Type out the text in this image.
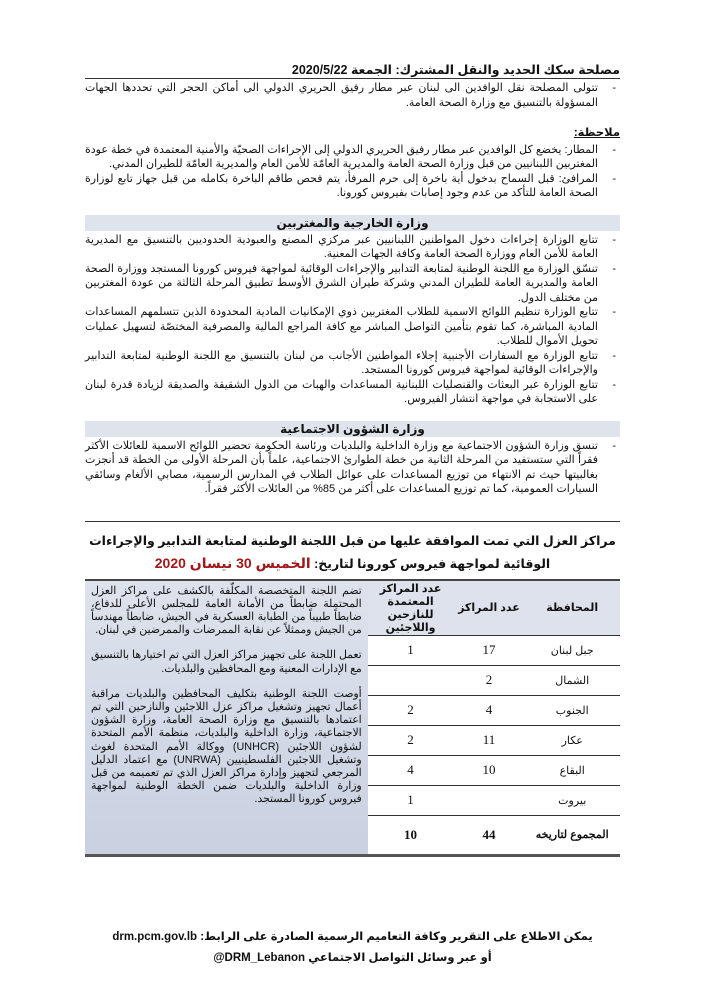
مصلحة سكك الحديد والنقل المشترك: الجمعة 2020/5/22

- تتولى المصلحة نقل الوافدين الى لبنان عبر مطار رفيق الحريري الدولي الى أماكن الحجر التي تحددها الجهات المسؤولة بالتنسيق مع وزارة الصحة العامة.

ملاحظة:

- المطار: يخضع كل الوافدين عبر مطار رفيق الحريري الدولي إلى الإجراءات الصحيّة والأمنية المعتمدة في خطة عودة المغتربين اللبنانيين من قبل وزارة الصحة العامة والمديرية العامّة للأمن العام والمديرية العامّة للطيران المدني.

- المرافئ: قبل السماح بدخول أية باخرة إلى حرم المرفأ، يتم فحص طاقم الباخرة بكامله من قبل جهاز تابع لوزارة الصحة العامة للتأكد من عدم وجود إصابات بفيروس كورونا.

وزارة الخارجية والمغتربين

- تتابع الوزارة إجراءات دخول المواطنين اللبنانيين عبر مركزي المصنع والعبودية الحدوديين بالتنسيق مع المديرية العامة للأمن العام ووزارة الصحة العامة وكافة الجهات المعنية.

- تنسّق الوزارة مع اللجنة الوطنية لمتابعة التدابير والإجراءات الوقائية لمواجهة فيروس كورونا المستجد ووزارة الصحة العامة والمديرية العامة للطيران المدني وشركة طيران الشرق الأوسط تطبيق المرحلة الثالثة من عودة المغتربين من مختلف الدول.

- تتابع الوزارة تنظيم اللوائح الاسمية للطلاب المغتربين ذوي الإمكانيات المادية المحدودة الذين تتسلمهم المساعدات المادية المباشرة، كما تقوم بتأمين التواصل المباشر مع كافة المراجع المالية والمصرفية المختصّة لتسهيل عمليات تحويل الأموال للطلاب.

- تتابع الوزارة مع السفارات الأجنبية إجلاء المواطنين الأجانب من لبنان بالتنسيق مع اللجنة الوطنية لمتابعة التدابير والإجراءات الوقائية لمواجهة فيروس كورونا المستجد.

- تتابع الوزارة عبر البعثات والقنصليات اللبنانية المساعدات والهبات من الدول الشقيقة والصديقة لزيادة قدرة لبنان على الاستجابة في مواجهة انتشار الفيروس.

وزارة الشؤون الاجتماعية

- تنسق وزارة الشؤون الاجتماعية مع وزارة الداخلية والبلديات ورئاسة الحكومة تحضير اللوائح الاسمية للعائلات الأكثر فقراً التي ستستفيد من المرحلة الثانية من خطة الطوارئ الاجتماعية، علماً بأن المرحلة الأولى من الخطة قد أنجزت بغالبيتها حيث تم الانتهاء من توزيع المساعدات على عوائل الطلاب في المدارس الرسمية، مصابي الألغام وسائقي السيارات العمومية، كما تم توزيع المساعدات على أكثر من 85% من العائلات الأكثر فقراً.

مراكز العزل التي تمت الموافقة عليها من قبل اللجنة الوطنية لمتابعة التدابير والإجراءات الوقائية لمواجهة فيروس كورونا لتاريخ: الخميس 30 نيسان 2020
المحافظة	عدد المراكز	عدد المراكز المعتمدة للنازحين واللاجئين	تضم اللجنة المتخصصة المكلّفة بالكشف على مراكز العزل المحتملة ضابطاً من الأمانة العامة للمجلس الأعلى للدفاع، ضابطاً طبيباً من الطبابة العسكرية في الجيش، ضابطاً مهندساً من الجيش وممثلاً عن نقابة الممرضات والممرضين في لبنان.

تعمل اللجنة على تجهيز مراكز العزل التي تم اختيارها بالتنسيق مع الإدارات المعنية ومع المحافظين والبلديات.

أوصت اللجنة الوطنية بتكليف المحافظين والبلديات مراقبة أعمال تجهيز وتشغيل مراكز عزل اللاجئين والنازحين التي تم اعتمادها بالتنسيق مع وزارة الصحة العامة، وزارة الشؤون الاجتماعية، وزارة الداخلية والبلديات، منظمة الأمم المتحدة لشؤون اللاجئين (UNHCR) ووكالة الأمم المتحدة لغوث وتشغيل اللاجئين الفلسطينيين (UNRWA) مع اعتماد الدليل المرجعي لتجهيز وإدارة مراكز العزل الذي تم تعميمه من قبل وزارة الداخلية والبلديات ضمن الخطة الوطنية لمواجهة فيروس كورونا المستجد.

جبل لبنان	17	1	
الشمال	2		
الجنوب	4	2	
عكار	11	2	
البقاع	10	4	
بيروت		1	
المجموع لتاريخه	44	10	
يمكن الاطلاع على التقرير وكافة التعاميم الرسمية الصادرة على الرابط: drm.pcm.gov.lb
أو عبر وسائل التواصل الاجتماعي @DRM_Lebanon
